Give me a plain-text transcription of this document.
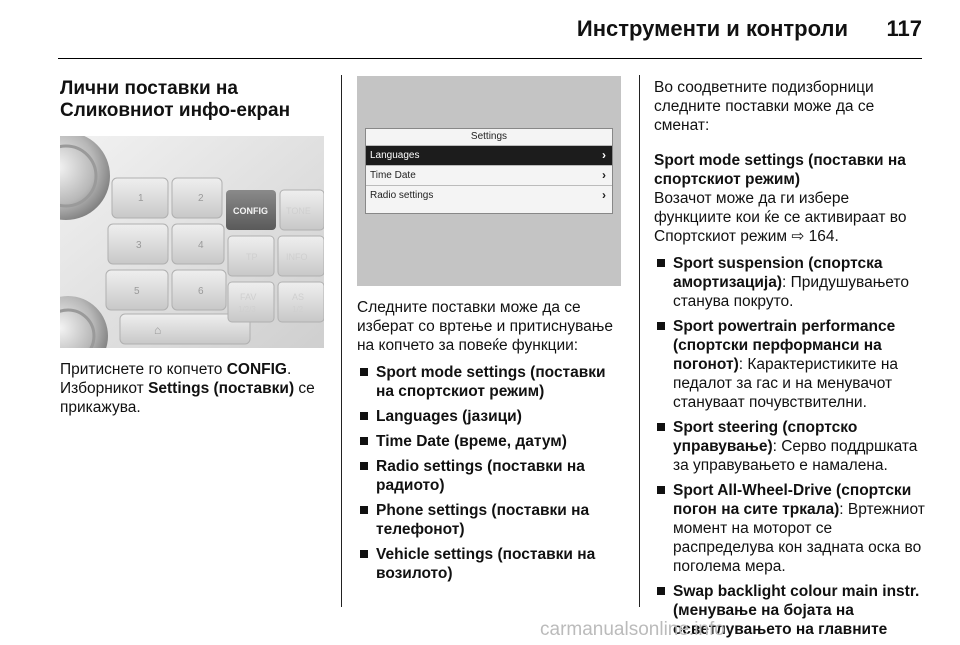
Инструменти и контроли 117
Лични поставки на
Сликовниот инфо-екран
1	2
3	4
5	6
⌂
CONFIG TONE
TP	INFO
FAV
1/2/3
AS
1/2
Притиснете го копчето CONFIG.
Изборникот Settings (поставки) се
прикажува.
Settings
Languages	›
Time Date	›
Radio settings	›
Следните поставки може да се изберат со вртење и притиснување на копчето за повеќе функции:
Sport mode settings (поставки на спортскиот режим)
Languages (јазици)
Time Date (време, датум)
Radio settings (поставки на радиото)
Phone settings (поставки на телефонот)
Vehicle settings (поставки на возилото)
Во соодветните подизборници следните поставки може да се сменат:
Sport mode settings (поставки на спортскиот режим)
Возачот може да ги избере функциите кои ќе се активираат во Спортскиот режим ⇨ 164.
Sport suspension (спортска амортизација): Придушувањето станува покруто.
Sport powertrain performance (спортски перформанси на погонот): Карактеристиките на педалот за гас и на менувачот стануваат почувствителни.
Sport steering (спортско управување): Серво поддршката за управувањето е намалена.
Sport All-Wheel-Drive (спортски погон на сите тркала): Вртежниот момент на моторот се распределува кон задната оска во поголема мера.
Swap backlight colour main instr. (менување на бојата на осветлувањето на главните
carmanualsonline.info
